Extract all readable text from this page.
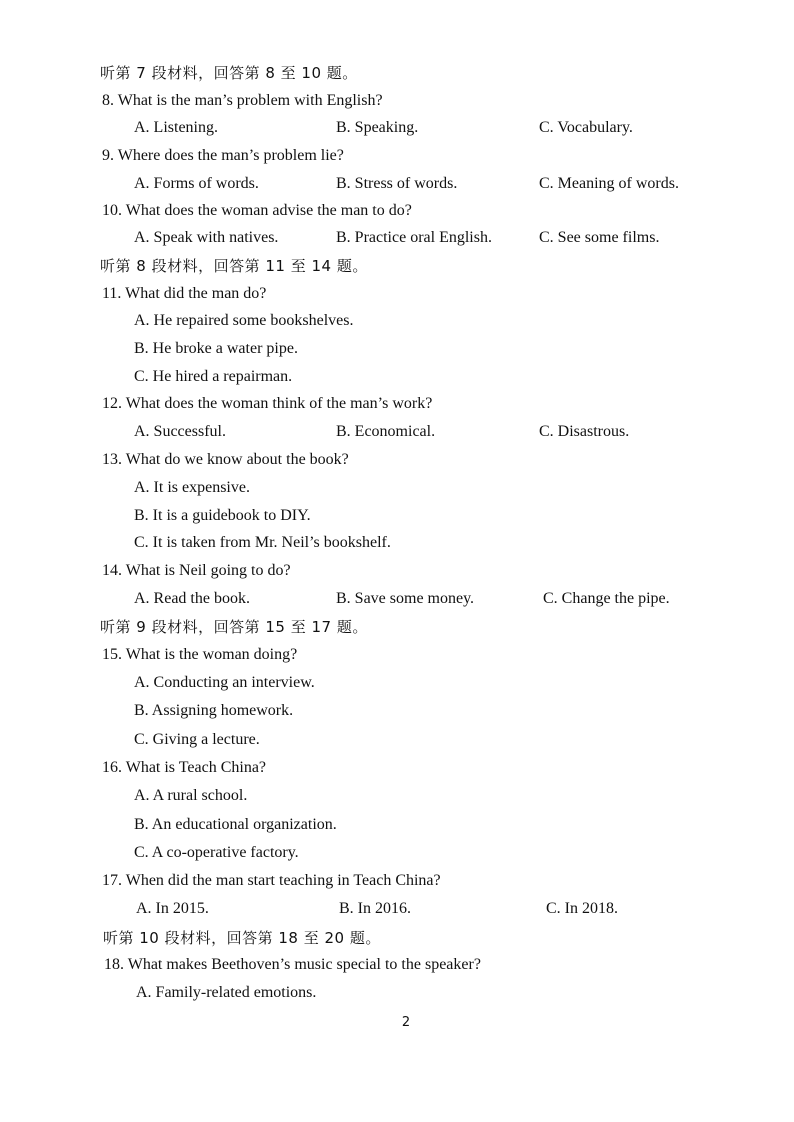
听第 7 段材料，回答第 8 至 10 题。
8. What is the man’s problem with English?
A. Listening.	B. Speaking.	C. Vocabulary.
9. Where does the man’s problem lie?
A. Forms of words.	B. Stress of words.	C. Meaning of words.
10. What does the woman advise the man to do?
A. Speak with natives.	B. Practice oral English.	C. See some films.
听第 8 段材料，回答第 11 至 14 题。
11. What did the man do?
A. He repaired some bookshelves.
B. He broke a water pipe.
C. He hired a repairman.
12. What does the woman think of the man’s work?
A. Successful.	B. Economical.	C. Disastrous.
13. What do we know about the book?
A. It is expensive.
B. It is a guidebook to DIY.
C. It is taken from Mr. Neil’s bookshelf.
14. What is Neil going to do?
A. Read the book.	B. Save some money.	C. Change the pipe.
听第 9 段材料，回答第 15 至 17 题。
15. What is the woman doing?
A. Conducting an interview.
B. Assigning homework.
C. Giving a lecture.
16. What is Teach China?
A. A rural school.
B. An educational organization.
C. A co-operative factory.
17. When did the man start teaching in Teach China?
A. In 2015.	B. In 2016.	C. In 2018.
听第 10 段材料，回答第 18 至 20 题。
18. What makes Beethoven’s music special to the speaker?
A. Family-related emotions.
2
